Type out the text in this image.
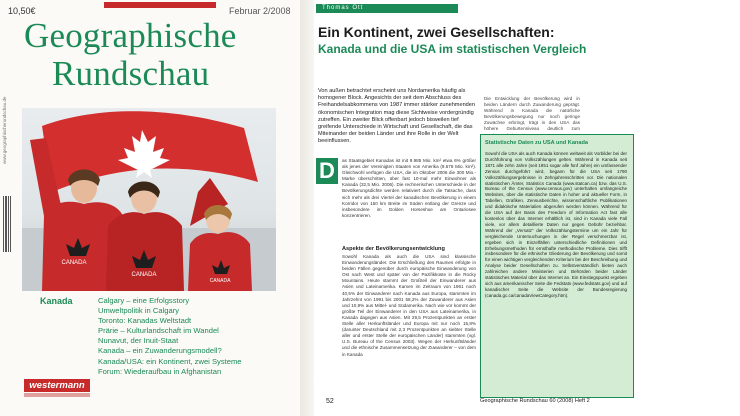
10,50€	Februar 2/2008
www.geographischerundschau.de
Geographische
Rundschau
CANADA
CANADA
CANADA
Kanada	Calgary – eine Erfolgsstory
Umweltpolitik in Calgary
Toronto: Kanadas Weltstadt
Prärie – Kulturlandschaft im Wandel
Nunavut, der Inuit-Staat
Kanada – ein Zuwanderungsmodell?
Kanada/USA: ein Kontinent, zwei Systeme
Forum: Wiederaufbau in Afghanistan
westermann
Thomas Ott
Ein Kontinent, zwei Gesellschaften:
Kanada und die USA im statistischen Vergleich
Von außen betrachtet erscheint uns Nordamerika häufig als homogener Block. Angesichts der seit dem Abschluss des Freihandelsabkommens von 1987 immer stärker zunehmenden ökonomischen Integration mag diese Sichtweise vordergründig zutreffen. Ein zweiter Blick offenbart jedoch bisweilen tief greifende Unterschiede in Wirtschaft und Gesellschaft, die das Miteinander der beiden Länder und ihre Rolle in der Welt beeinflussen.
D	as Staatsgebiet Kanadas ist mit 9.985 Mio. km² etwa 6% größer als jenes der Vereinigten Staaten von Amerika (9.578 Mio. km²). Gleichwohl verfügen die USA, die im Oktober 2006 die 300 Mio.-Marke überschritten, über fast 10-mal mehr Einwohner als Kanada (32,5 Mio. 2006). Die rechnerischen Unterschiede in der Bevölkerungsdichte werden relativiert durch die Tatsache, dass sich mehr als drei Viertel der kanadischen Bevölkerung in einem Korridor von 150 km Breite im Süden entlang der Grenze und insbesondere im Golden Horseshoe am Ontariosee konzentrieren.
Aspekte der Bevölkerungsentwicklung
Sowohl Kanada als auch die USA sind klassische Einwanderungsländer. Die Erschließung des Raumes erfolgte in beiden Fällen gegenüber durch europäische Einwanderung von Ost nach West und später von der Pazifikküste in die Rocky Mountains. Heute stammt der Großteil der Einwanderer aus Asien und Lateinamerika. Kamen im Zeitraum von 1961 noch 40,5% der Einwanderer nach Kanada aus Europa, stammten im Jahrzehnt von 1991 bis 2001 58,2% der Zuwanderer aus Asien und 10,9% aus Mittel- und Südamerika. Nach wie vor kommt der größte Teil der Einwanderer in den USA aus Lateinamerika, in Kanada dagegen aus Asien. Mit 29,5 Prozentpunkten an erster Stelle aller Herkunftsländer und Europa mit nur noch 15,8% (darunter Deutschland mit 2,3 Prozentpunkten an siebter Stelle aller und erster Stelle der europäischen Länder) stammten (vgl. U.S. Bureau of the Census 2003). Wegen der Herkunftsländer und die ethnische Zusammensetzung der Zuwanderer – von dem in Kanada
Die Entwicklung der Bevölkerung wird in beiden Ländern durch Zuwanderung geprägt. Während in Kanada die natürliche Bevölkerungsbewegung nur noch geringe Zuwächse erbringt, trägt in den USA das höhere Geburtenniveau deutlich zum
Statistische Daten zu USA und Kanada
Sowohl die USA als auch Kanada können weltweit als Vorbilder bei der Durchführung von Volkszählungen gelten. Während in Kanada seit 1871 alle zehn Jahre (seit 1951 sogar alle fünf Jahre) ein umfassender Zensus durchgeführt wird, begann für die USA seit 1790 Volkszählungsergebnisse in Zehnjahresschritten vor. Die nationalen statistischen Ämter, Statistics Canada (www.statcan.ca) bzw. das U.S. Bureau of the Census (www.census.gov) unterhalten umfangreiche Websites, über die statistische Daten in hoher und aktueller Form, in Tabellen, Grafiken, Zensusberichte, wissenschaftliche Publikationen und didaktische Materialien abgerufen werden können. Während für die USA auf der Basis des Freedom of Information Act fast alle kostenlos über das Internet erhältlich ist, sind in Kanada viele Fall viele, vor allem detaillierte Daten nur gegen Gebühr beziehbar. Während der „Versatz“ der Volkszählungstermine um ein Jahr für vergleichende Untersuchungen in der Regel verschmerzbar ist, ergeben sich in Einzelfällen unterschiedliche Definitionen und Erhebungsmethoden für ernsthafte methodische Probleme. Dies trifft insbesondere für die ethnische Gliederung der Bevölkerung und somit für einen wichtigen vergleichenden Kriterium bei der Beschreibung und Analyse beider Gesellschaften zu. Selbstverständlich bieten auch zahlreichen andere Ministerien und Behörden beider Länder statistisches Material über das Internet an. Ein Einstiegspunkt ergeben sich aus amerikanischer Seite die Fedstats (www.fedstats.gov) und auf kanadischer Seite die Website der Bundesregierung (canada.gc.ca/canadaViewCategory.htm).
52	Geographische Rundschau 60 (2008) Heft 2
